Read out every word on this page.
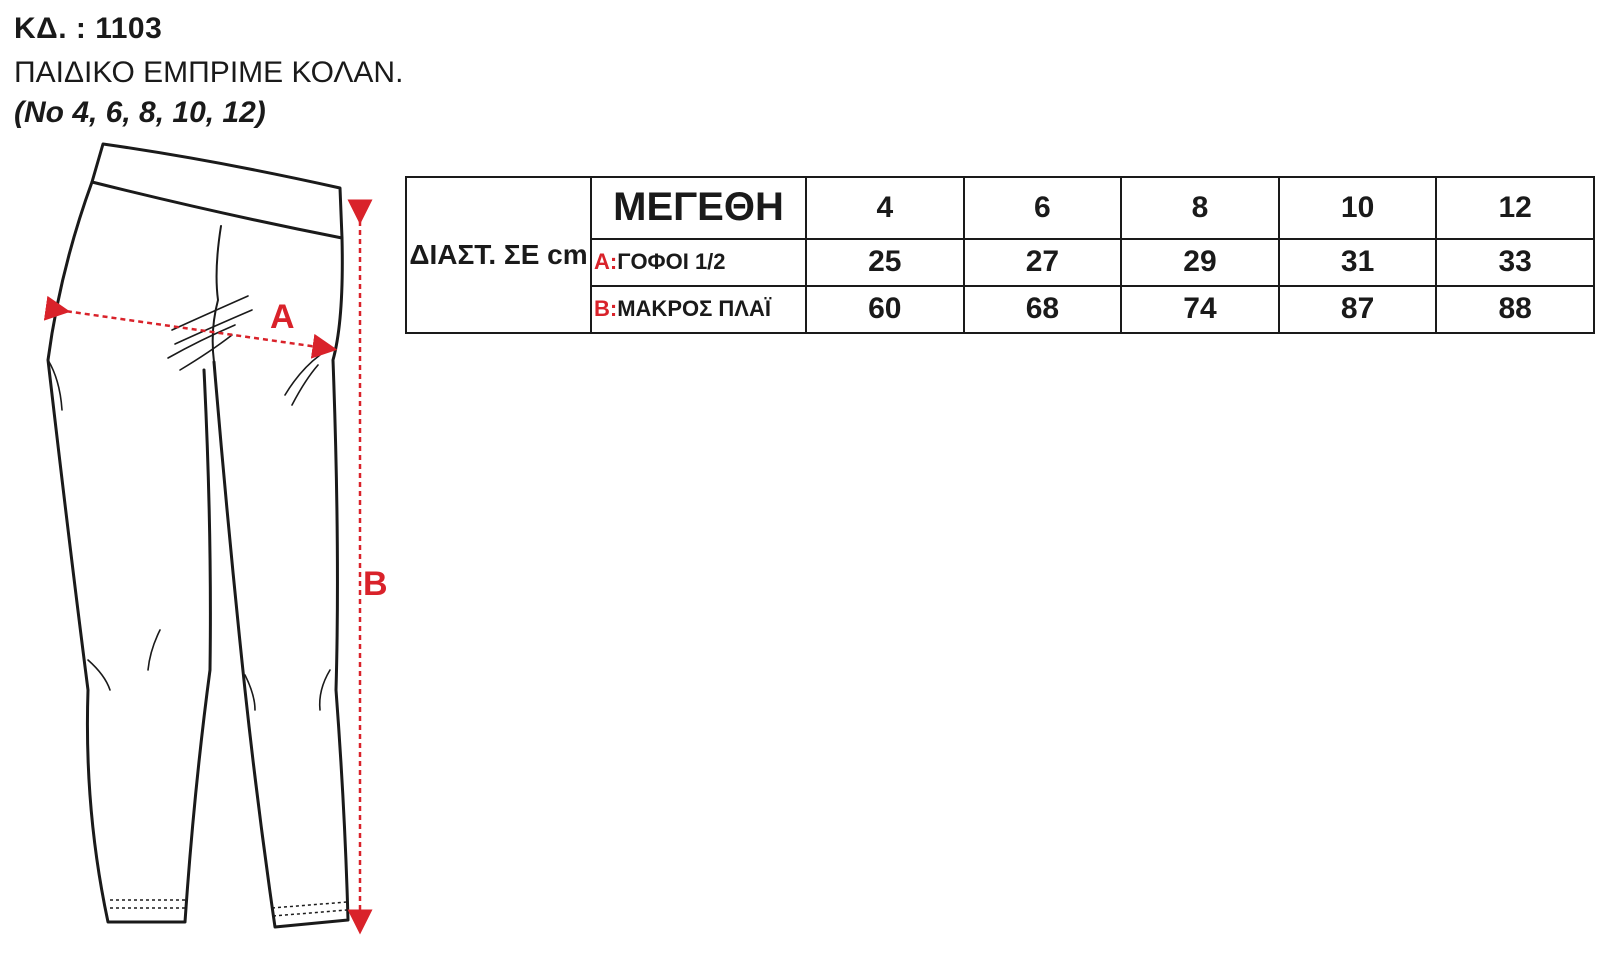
ΚΔ. : 1103
ΠΑΙΔΙΚΟ ΕΜΠΡΙΜΕ ΚΟΛΑΝ.
(No 4, 6, 8, 10, 12)
A
B
ΔΙΑΣΤ. ΣΕ cm	ΜΕΓΕΘΗ	4	6	8	10	12
	A:ΓΟΦΟΙ 1/2	25	27	29	31	33
	B:ΜΑΚΡΟΣ ΠΛΑΪ	60	68	74	87	88
